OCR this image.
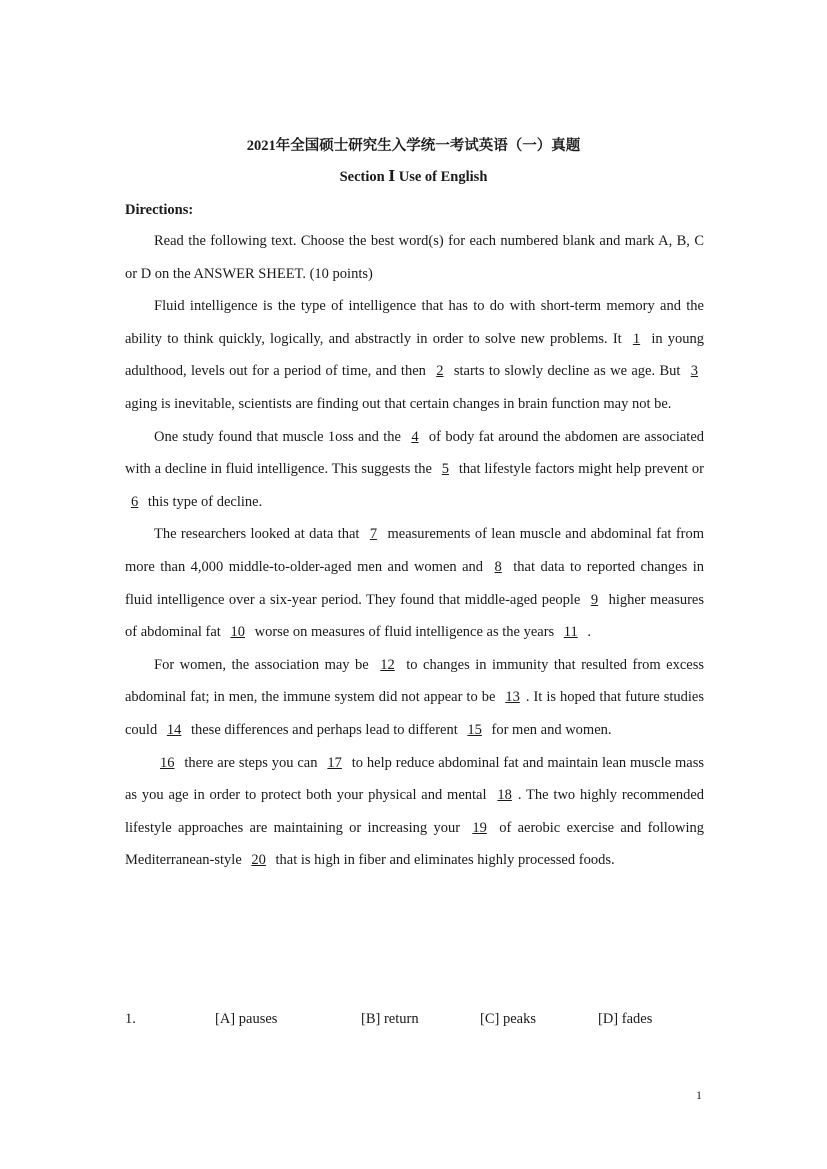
2021年全国硕士研究生入学统一考试英语（一）真题
Section Ⅰ Use of English
Directions:

Read the following text. Choose the best word(s) for each numbered blank and mark A, B, C or D on the ANSWER SHEET. (10 points)

Fluid intelligence is the type of intelligence that has to do with short-term memory and the ability to think quickly, logically, and abstractly in order to solve new problems. It 1 in young adulthood, levels out for a period of time, and then 2 starts to slowly decline as we age. But 3 aging is inevitable, scientists are finding out that certain changes in brain function may not be.

One study found that muscle 1oss and the 4 of body fat around the abdomen are associated with a decline in fluid intelligence. This suggests the 5 that lifestyle factors might help prevent or 6 this type of decline.

The researchers looked at data that 7 measurements of lean muscle and abdominal fat from more than 4,000 middle-to-older-aged men and women and 8 that data to reported changes in fluid intelligence over a six-year period. They found that middle-aged people 9 higher measures of abdominal fat 10 worse on measures of fluid intelligence as the years 11 .

For women, the association may be 12 to changes in immunity that resulted from excess abdominal fat; in men, the immune system did not appear to be 13 . It is hoped that future studies could 14 these differences and perhaps lead to different 15 for men and women.

16 there are steps you can 17 to help reduce abdominal fat and maintain lean muscle mass as you age in order to protect both your physical and mental 18 . The two highly recommended lifestyle approaches are maintaining or increasing your 19 of aerobic exercise and following Mediterranean-style 20 that is high in fiber and eliminates highly processed foods.

1.	[A] pauses	[B] return	[C] peaks	[D] fades
1
